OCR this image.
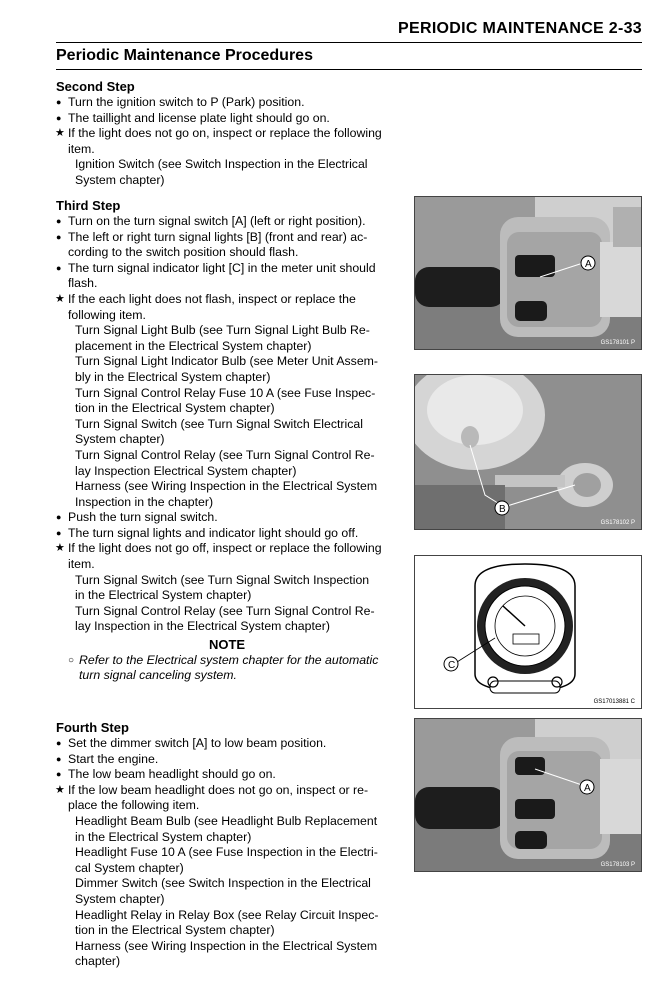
PERIODIC MAINTENANCE 2-33
Periodic Maintenance Procedures
Second Step
● Turn the ignition switch to P (Park) position.
● The taillight and license plate light should go on.
★ If the light does not go on, inspect or replace the following
item.
Ignition Switch (see Switch Inspection in the Electrical
System chapter)
Third Step
● Turn on the turn signal switch [A] (left or right position).
● The left or right turn signal lights [B] (front and rear) ac-
cording to the switch position should flash.
● The turn signal indicator light [C] in the meter unit should
flash.
★ If the each light does not flash, inspect or replace the
following item.
Turn Signal Light Bulb (see Turn Signal Light Bulb Re-
placement in the Electrical System chapter)
Turn Signal Light Indicator Bulb (see Meter Unit Assem-
bly in the Electrical System chapter)
Turn Signal Control Relay Fuse 10 A (see Fuse Inspec-
tion in the Electrical System chapter)
Turn Signal Switch (see Turn Signal Switch Electrical
System chapter)
Turn Signal Control Relay (see Turn Signal Control Re-
lay Inspection Electrical System chapter)
Harness (see Wiring Inspection in the Electrical System
Inspection in the chapter)
● Push the turn signal switch.
● The turn signal lights and indicator light should go off.
★ If the light does not go off, inspect or replace the following
item.
Turn Signal Switch (see Turn Signal Switch Inspection
in the Electrical System chapter)
Turn Signal Control Relay (see Turn Signal Control Re-
lay Inspection in the Electrical System chapter)
NOTE
○ Refer to the Electrical system chapter for the automatic
turn signal canceling system.
Fourth Step
● Set the dimmer switch [A] to low beam position.
● Start the engine.
● The low beam headlight should go on.
★ If the low beam headlight does not go on, inspect or re-
place the following item.
Headlight Beam Bulb (see Headlight Bulb Replacement
in the Electrical System chapter)
Headlight Fuse 10 A (see Fuse Inspection in the Electri-
cal System chapter)
Dimmer Switch (see Switch Inspection in the Electrical
System chapter)
Headlight Relay in Relay Box (see Relay Circuit Inspec-
tion in the Electrical System chapter)
Harness (see Wiring Inspection in the Electrical System
chapter)
A
GS178101 P
B
GS178102 P
C
GS17013881 C
A
GS178103 P
